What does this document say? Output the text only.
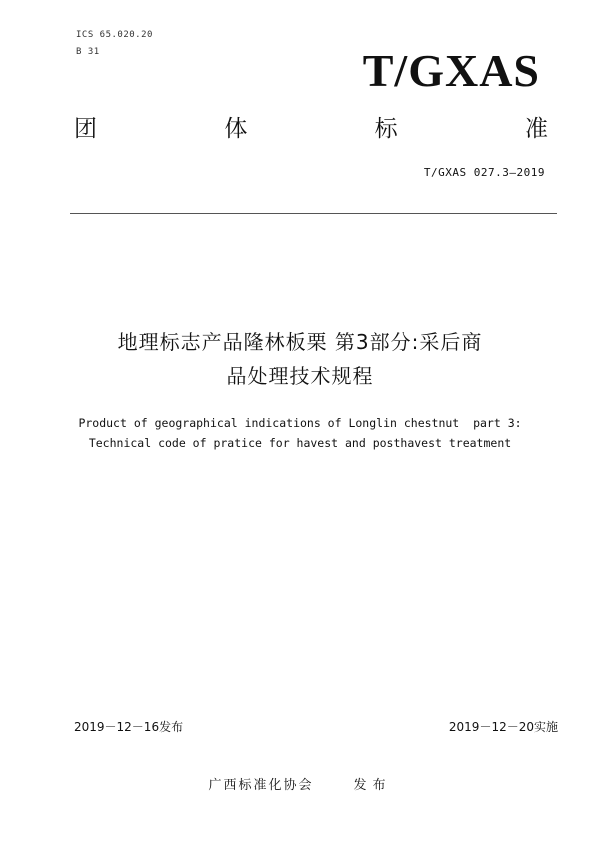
ICS 65.020.20
B 31	T/GXAS
团	体	标	准
T/GXAS 027.3—2019
地理标志产品隆林板栗 第3部分:采后商
品处理技术规程
Product of geographical indications of Longlin chestnut  part 3:
Technical code of pratice for havest and posthavest treatment
2019－12－16发布	2019－12－20实施
广西标准化协会	发布
